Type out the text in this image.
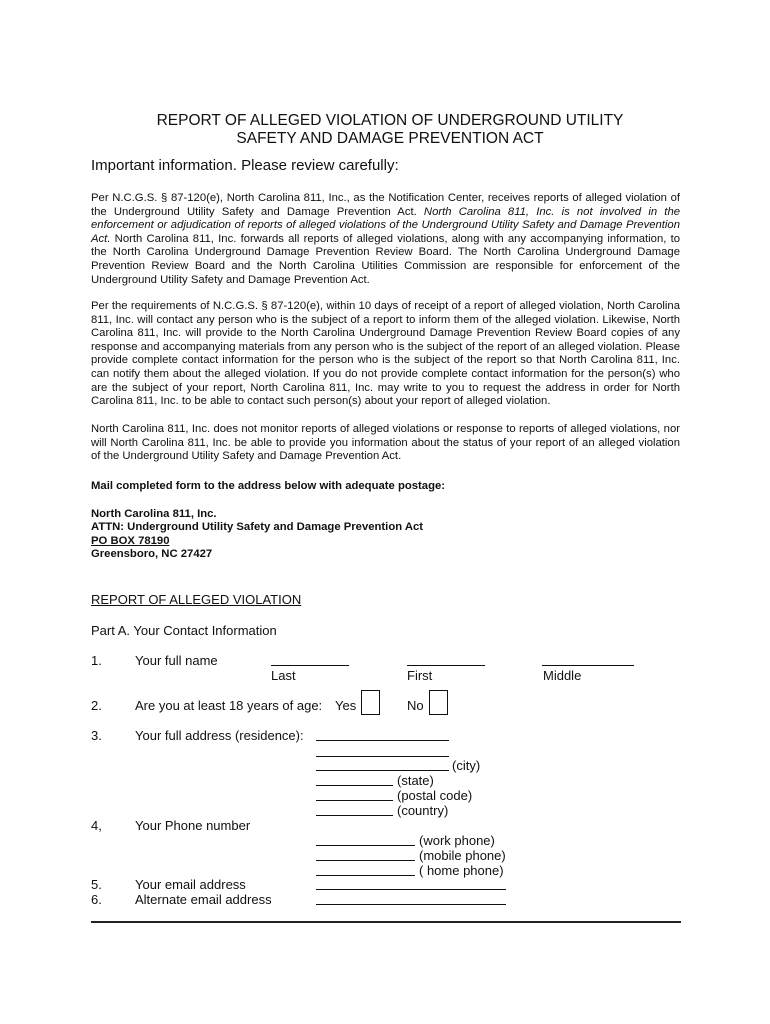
REPORT OF ALLEGED VIOLATION OF UNDERGROUND UTILITY
SAFETY AND DAMAGE PREVENTION ACT
Important information. Please review carefully:
Per N.C.G.S. § 87-120(e), North Carolina 811, Inc., as the Notification Center, receives reports of alleged violation of the Underground Utility Safety and Damage Prevention Act. North Carolina 811, Inc. is not involved in the enforcement or adjudication of reports of alleged violations of the Underground Utility Safety and Damage Prevention Act. North Carolina 811, Inc. forwards all reports of alleged violations, along with any accompanying information, to the North Carolina Underground Damage Prevention Review Board. The North Carolina Underground Damage Prevention Review Board and the North Carolina Utilities Commission are responsible for enforcement of the Underground Utility Safety and Damage Prevention Act.
Per the requirements of N.C.G.S. § 87-120(e), within 10 days of receipt of a report of alleged violation, North Carolina 811, Inc. will contact any person who is the subject of a report to inform them of the alleged violation. Likewise, North Carolina 811, Inc. will provide to the North Carolina Underground Damage Prevention Review Board copies of any response and accompanying materials from any person who is the subject of the report of an alleged violation. Please provide complete contact information for the person who is the subject of the report so that North Carolina 811, Inc. can notify them about the alleged violation. If you do not provide complete contact information for the person(s) who are the subject of your report, North Carolina 811, Inc. may write to you to request the address in order for North Carolina 811, Inc. to be able to contact such person(s) about your report of alleged violation.
North Carolina 811, Inc. does not monitor reports of alleged violations or response to reports of alleged violations, nor will North Carolina 811, Inc. be able to provide you information about the status of your report of an alleged violation of the Underground Utility Safety and Damage Prevention Act.
Mail completed form to the address below with adequate postage:
North Carolina 811, Inc.
ATTN: Underground Utility Safety and Damage Prevention Act
PO BOX 78190
Greensboro, NC 27427
REPORT OF ALLEGED VIOLATION
Part A. Your Contact Information
1.	Your full name
Last	First	Middle
2.	Are you at least 18 years of age: Yes	No
3.	Your full address (residence):
(city)
(state)
(postal code)
(country)
4,	Your Phone number
(work phone)
(mobile phone)
( home phone)
5.	Your email address
6.	Alternate email address
